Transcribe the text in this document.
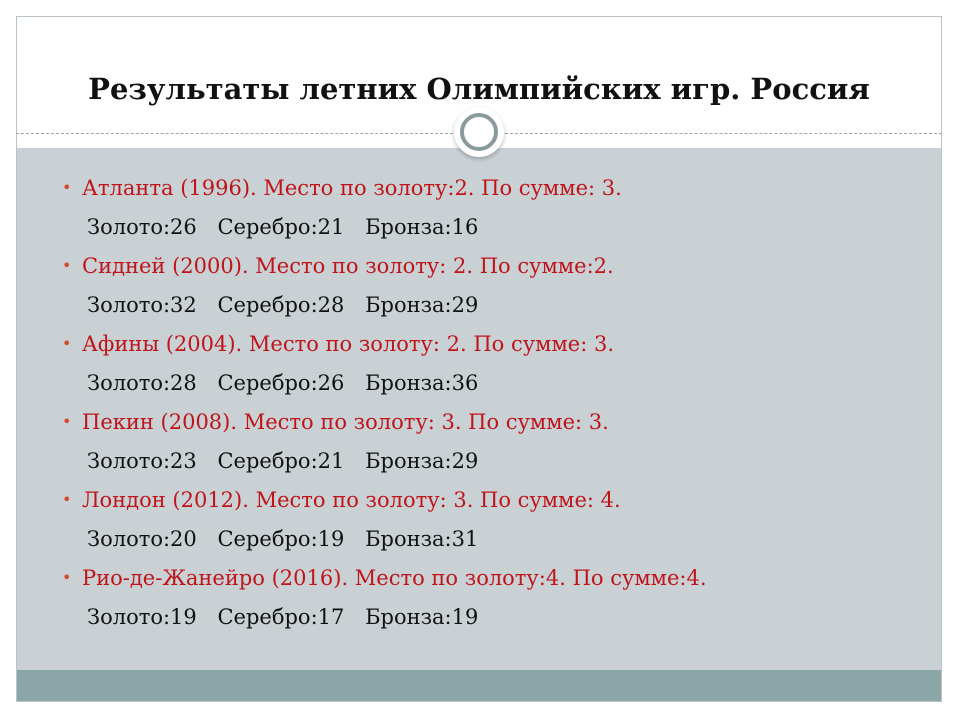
Результаты летних Олимпийских игр. Россия
• Атланта (1996). Место по золоту:2. По сумме: 3.
Золото:26 Серебро:21 Бронза:16
• Сидней (2000). Место по золоту: 2. По сумме:2.
Золото:32 Серебро:28 Бронза:29
• Афины (2004). Место по золоту: 2. По сумме: 3.
Золото:28 Серебро:26 Бронза:36
• Пекин (2008). Место по золоту: 3. По сумме: 3.
Золото:23 Серебро:21 Бронза:29
• Лондон (2012). Место по золоту: 3. По сумме: 4.
Золото:20 Серебро:19 Бронза:31
• Рио-де-Жанейро (2016). Место по золоту:4. По сумме:4.
Золото:19 Серебро:17 Бронза:19
